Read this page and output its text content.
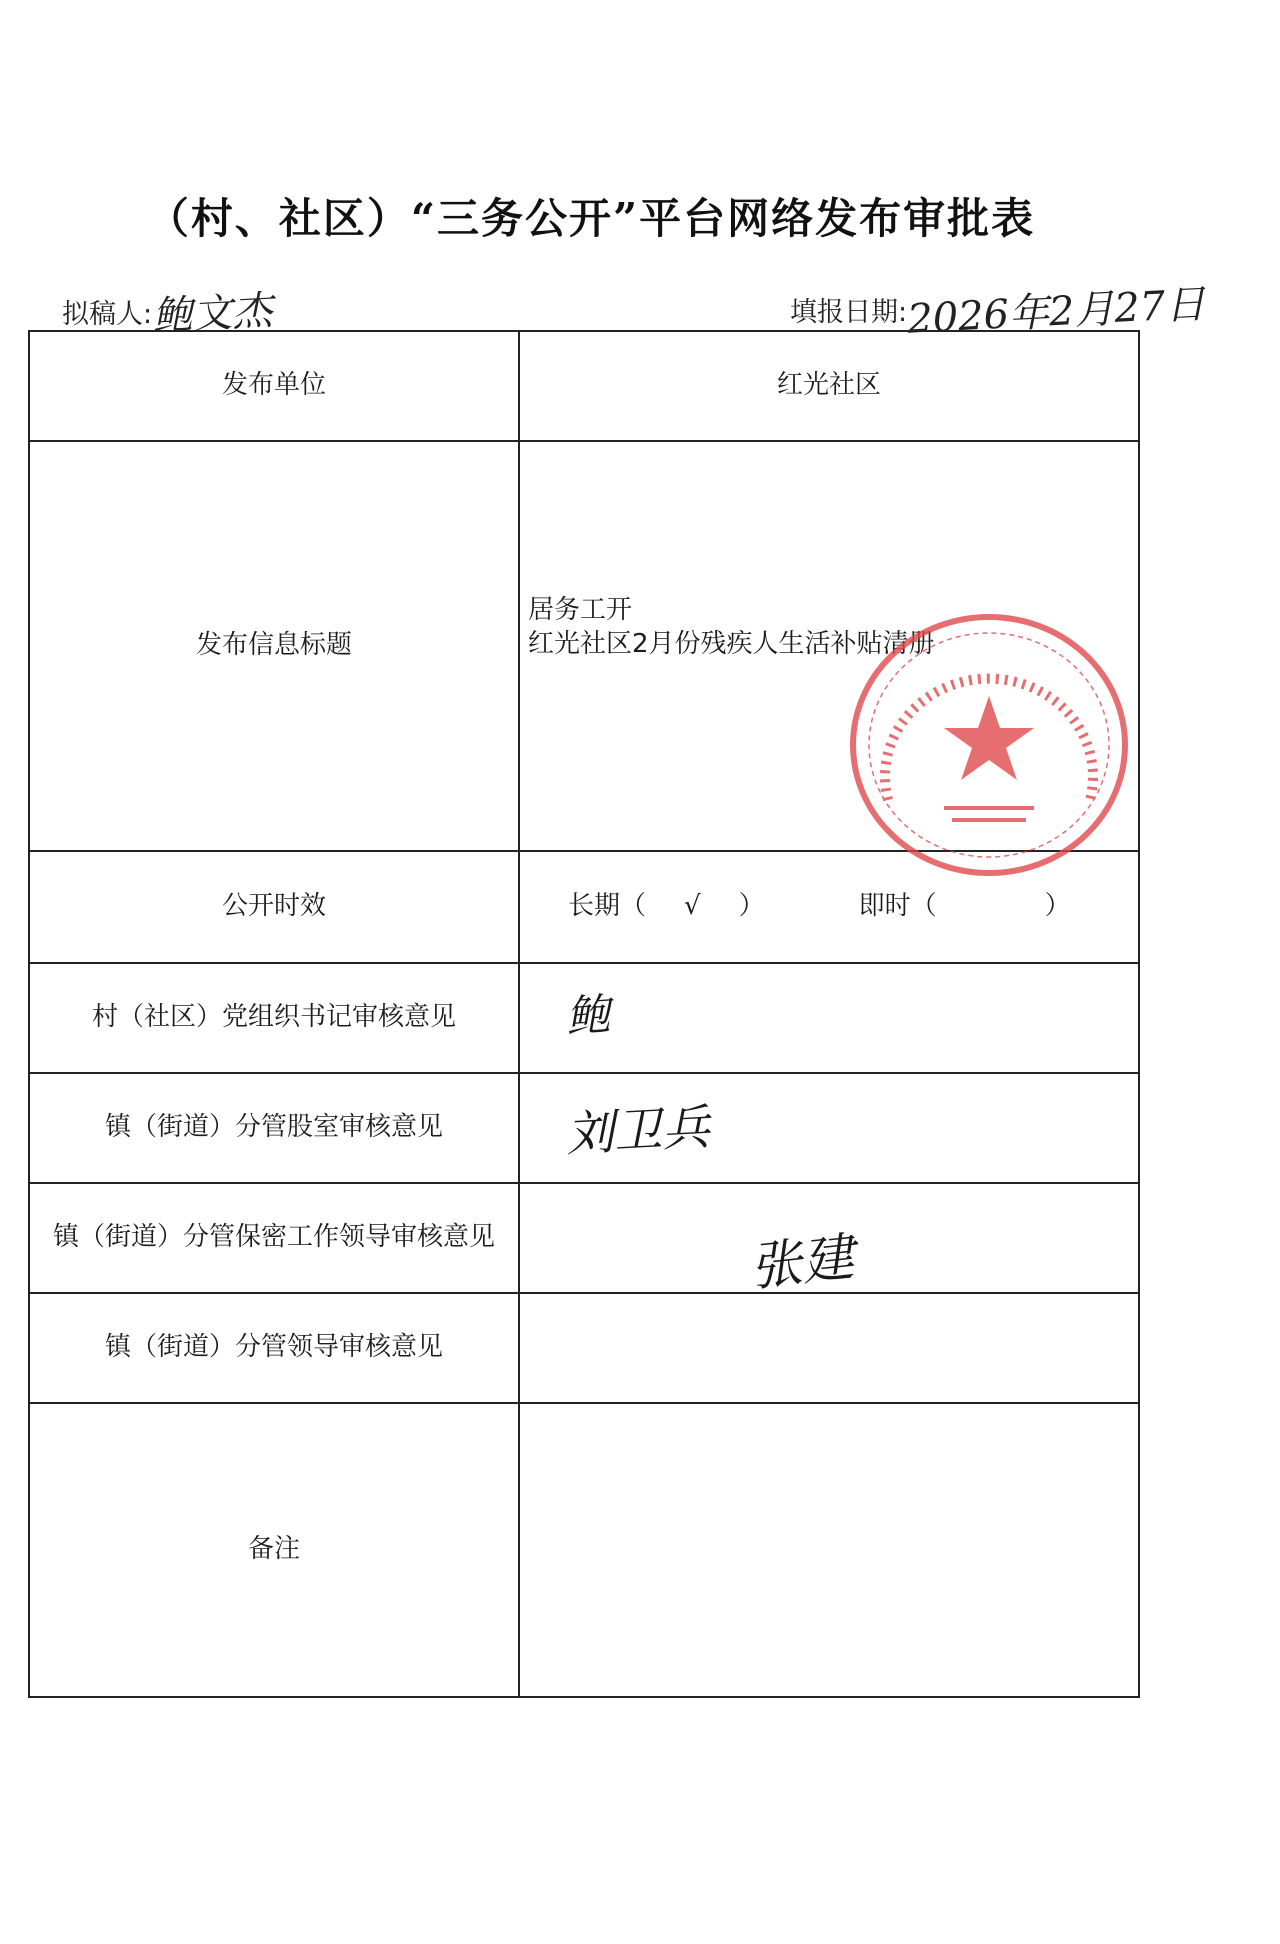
（村、社区）“三务公开”平台网络发布审批表
拟稿人:鲍文杰	填报日期:2026年2月27日
发布单位	红光社区
发布信息标题	居务工开
红光社区2月份残疾人生活补贴清册

公开时效	长期（ √ ） 即时（ ）

村（社区）党组织书记审核意见	鲍

镇（街道）分管股室审核意见	刘卫兵

镇（街道）分管保密工作领导审核意见	张建

镇（街道）分管领导审核意见	
备注	
